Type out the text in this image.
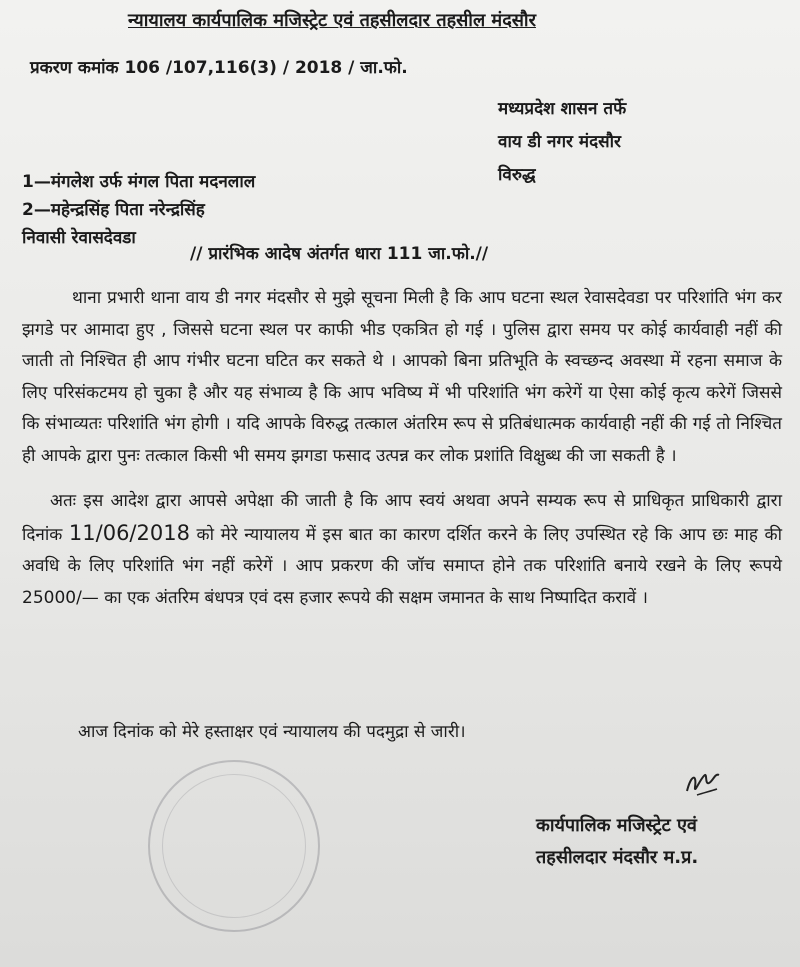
न्यायालय कार्यपालिक मजिस्ट्रेट एवं तहसीलदार तहसील मंदसौर
प्रकरण कमांक 106 /107,116(3) / 2018 / जा.फो.
मध्यप्रदेश शासन तर्फे
वाय डी नगर मंदसौर
विरुद्ध
1—मंगलेश उर्फ मंगल पिता मदनलाल
2—महेन्द्रसिंह पिता नरेन्द्रसिंह
निवासी रेवासदेवडा
// प्रारंभिक आदेष अंतर्गत धारा 111 जा.फो.//

थाना प्रभारी थाना वाय डी नगर मंदसौर से मुझे सूचना मिली है कि आप घटना स्थल रेवासदेवडा पर परिशांति भंग कर झगडे पर आमादा हुए , जिससे घटना स्थल पर काफी भीड एकत्रित हो गई । पुलिस द्वारा समय पर कोई कार्यवाही नहीं की जाती तो निश्चित ही आप गंभीर घटना घटित कर सकते थे । आपको बिना प्रतिभूति के स्वच्छन्द अवस्था में रहना समाज के लिए परिसंकटमय हो चुका है और यह संभाव्य है कि आप भविष्य में भी परिशांति भंग करेगें या ऐसा कोई कृत्य करेगें जिससे कि संभाव्यतः परिशांति भंग होगी । यदि आपके विरुद्ध तत्काल अंतरिम रूप से प्रतिबंधात्मक कार्यवाही नहीं की गई तो निश्चित ही आपके द्वारा पुनः तत्काल किसी भी समय झगडा फसाद उत्पन्न कर लोक प्रशांति विक्षुब्ध की जा सकती है ।

अतः इस आदेश द्वारा आपसे अपेक्षा की जाती है कि आप स्वयं अथवा अपने सम्यक रूप से प्राधिकृत प्राधिकारी द्वारा दिनांक 11/06/2018 को मेरे न्यायालय में इस बात का कारण दर्शित करने के लिए उपस्थित रहे कि आप छः माह की अवधि के लिए परिशांति भंग नहीं करेगें । आप प्रकरण की जॉच समाप्त होने तक परिशांति बनाये रखने के लिए रूपये 25000/— का एक अंतरिम बंधपत्र एवं दस हजार रूपये की सक्षम जमानत के साथ निष्पादित करावें ।

आज दिनांक को मेरे हस्ताक्षर एवं न्यायालय की पदमुद्रा से जारी।
कार्यपालिक मजिस्ट्रेट एवं
तहसीलदार मंदसौर म.प्र.
